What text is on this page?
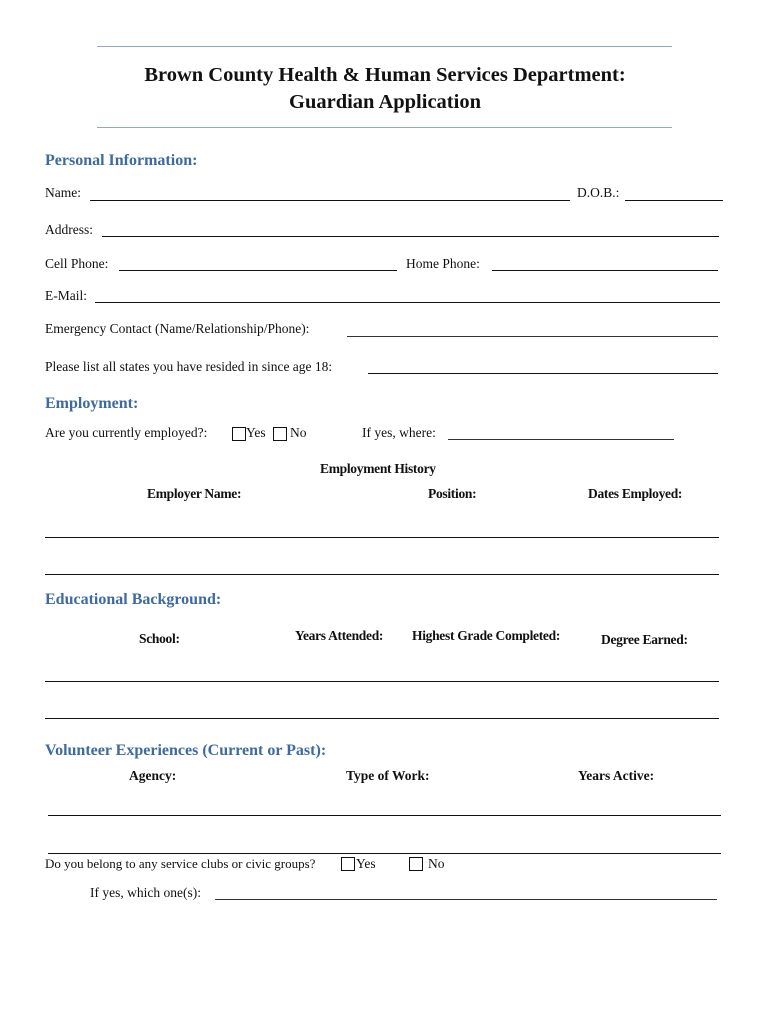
Brown County Health & Human Services Department:
Guardian Application
Personal Information:
Name:	D.O.B.:
Address:
Cell Phone:	Home Phone:
E-Mail:
Emergency Contact (Name/Relationship/Phone):
Please list all states you have resided in since age 18:
Employment:
Are you currently employed?:	Yes No	If yes, where:
Employment History
Employer Name:	Position:	Dates Employed:
Educational Background:
School:	Years Attended: Highest Grade Completed:	Degree Earned:
Volunteer Experiences (Current or Past):
Agency:	Type of Work:	Years Active:
Do you belong to any service clubs or civic groups?	Yes	No
If yes, which one(s):
